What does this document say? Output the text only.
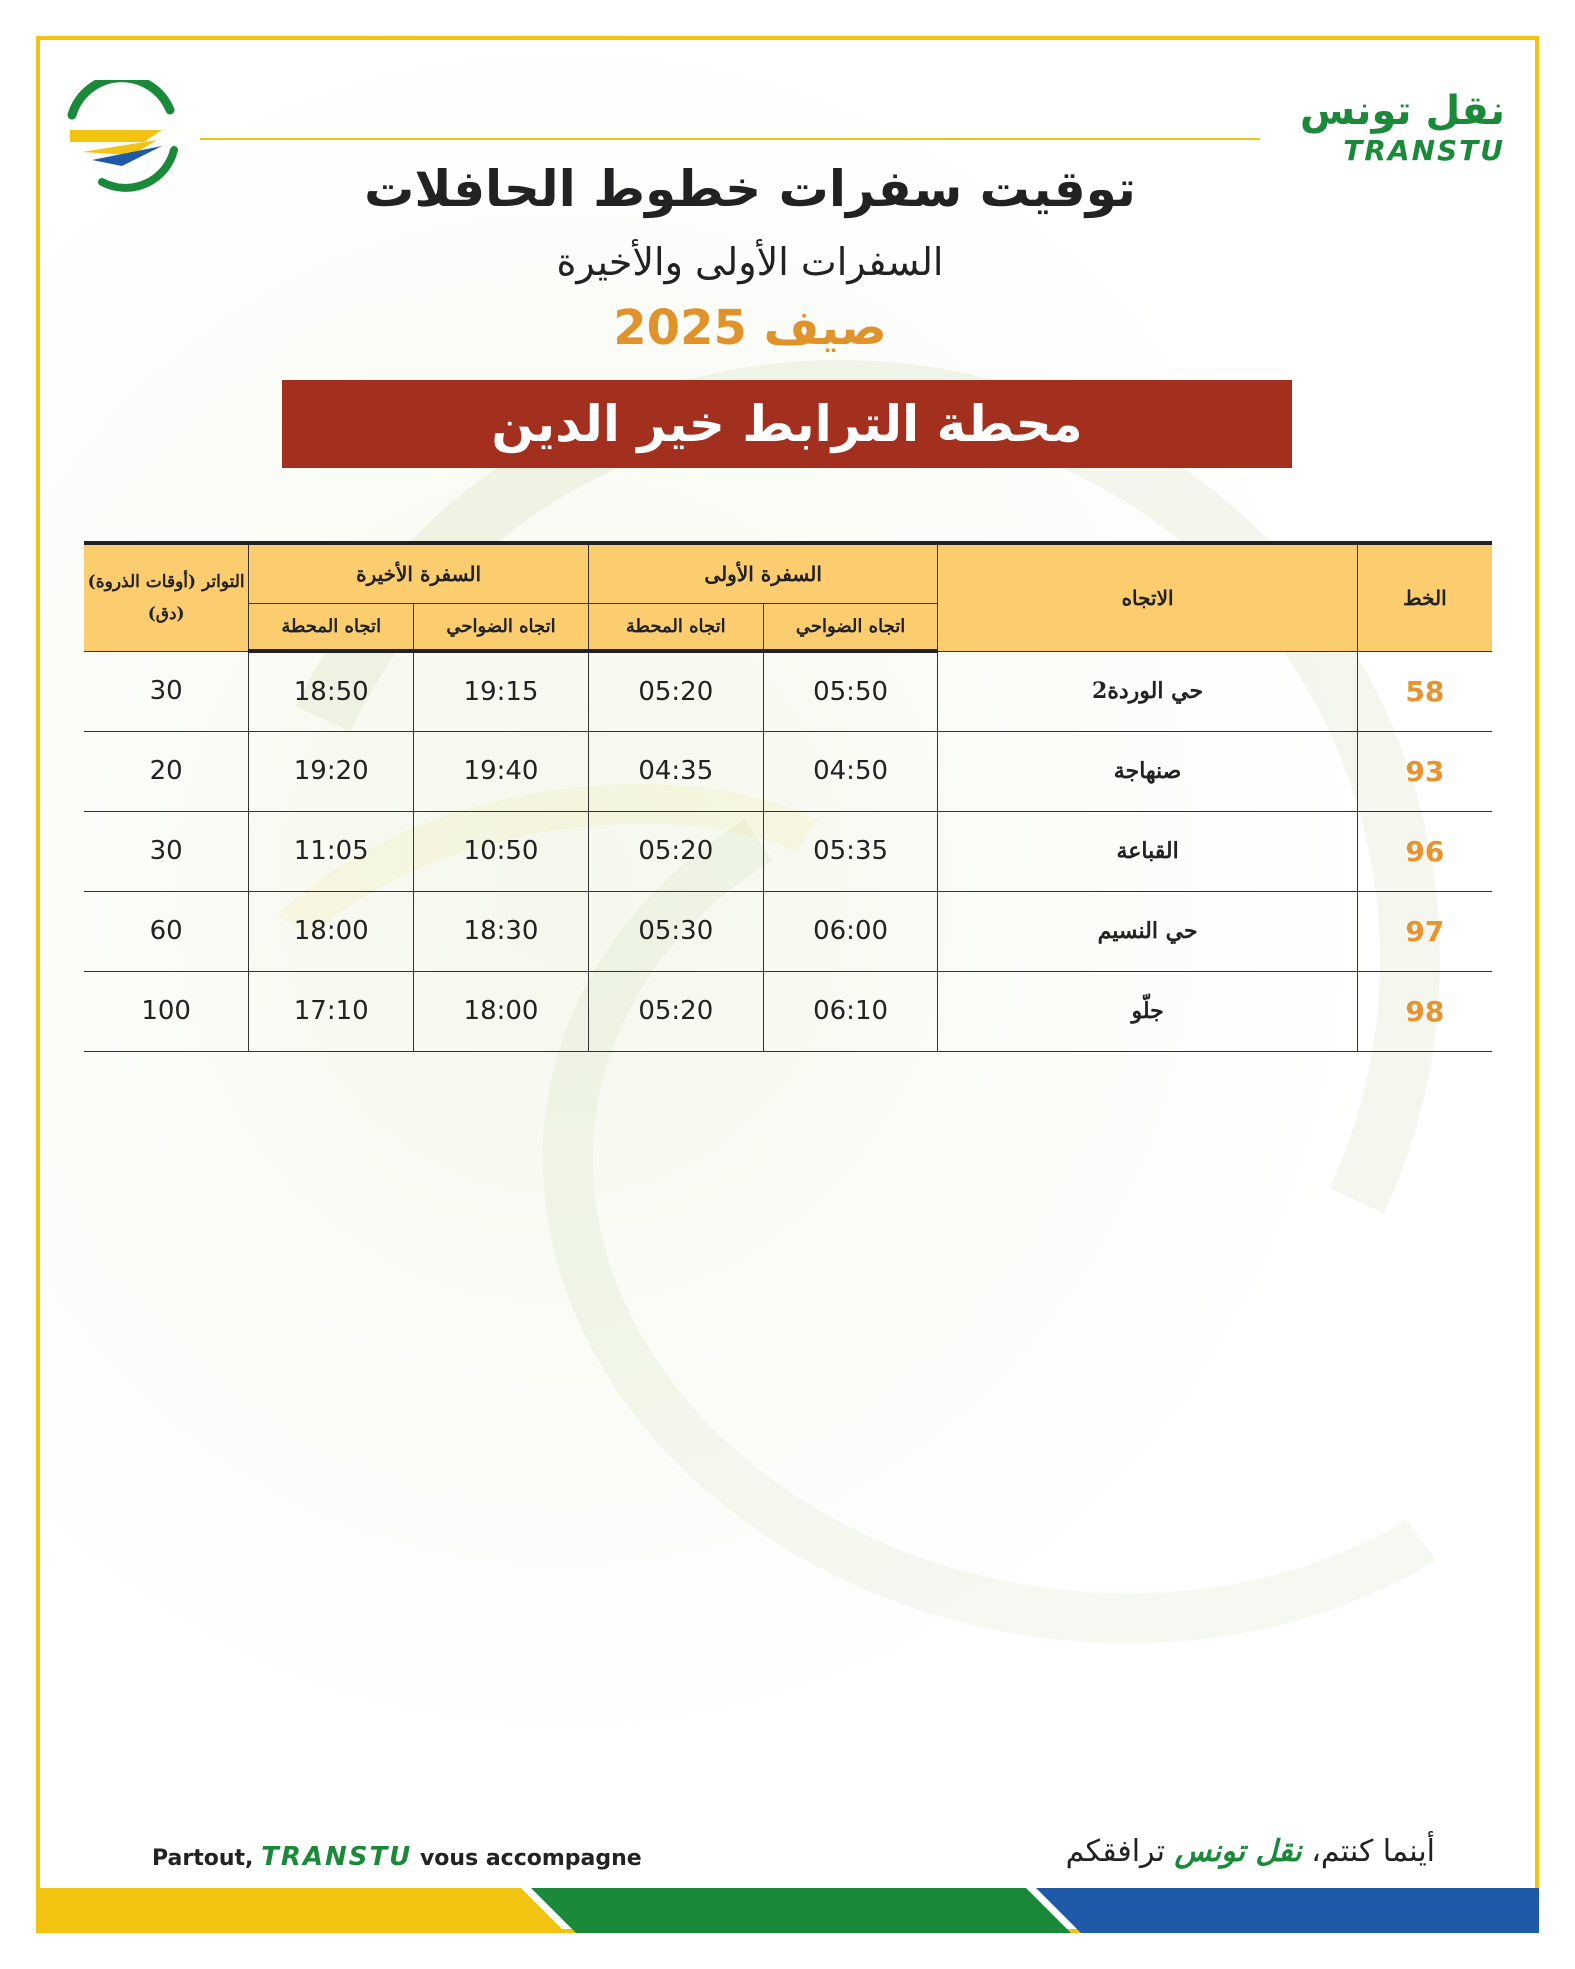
نقل تونس
TRANSTU
توقيت سفرات خطوط الحافلات
السفرات الأولى والأخيرة
صيف 2025
محطة الترابط خير الدين
الخط	الاتجاه	السفرة الأولى		السفرة الأخيرة		التواتر (أوقات الذروة) (دق)
		اتجاه الضواحي	اتجاه المحطة	اتجاه الضواحي	اتجاه المحطة	
58	حي الوردة2	05:50	05:20	19:15	18:50	30
93	صنهاجة	04:50	04:35	19:40	19:20	20
96	القباعة	05:35	05:20	10:50	11:05	30
97	حي النسيم	06:00	05:30	18:30	18:00	60
98	جلّو	06:10	05:20	18:00	17:10	100
Partout, TRANSTU vous accompagne	أينما كنتم، نقل تونس ترافقكم
